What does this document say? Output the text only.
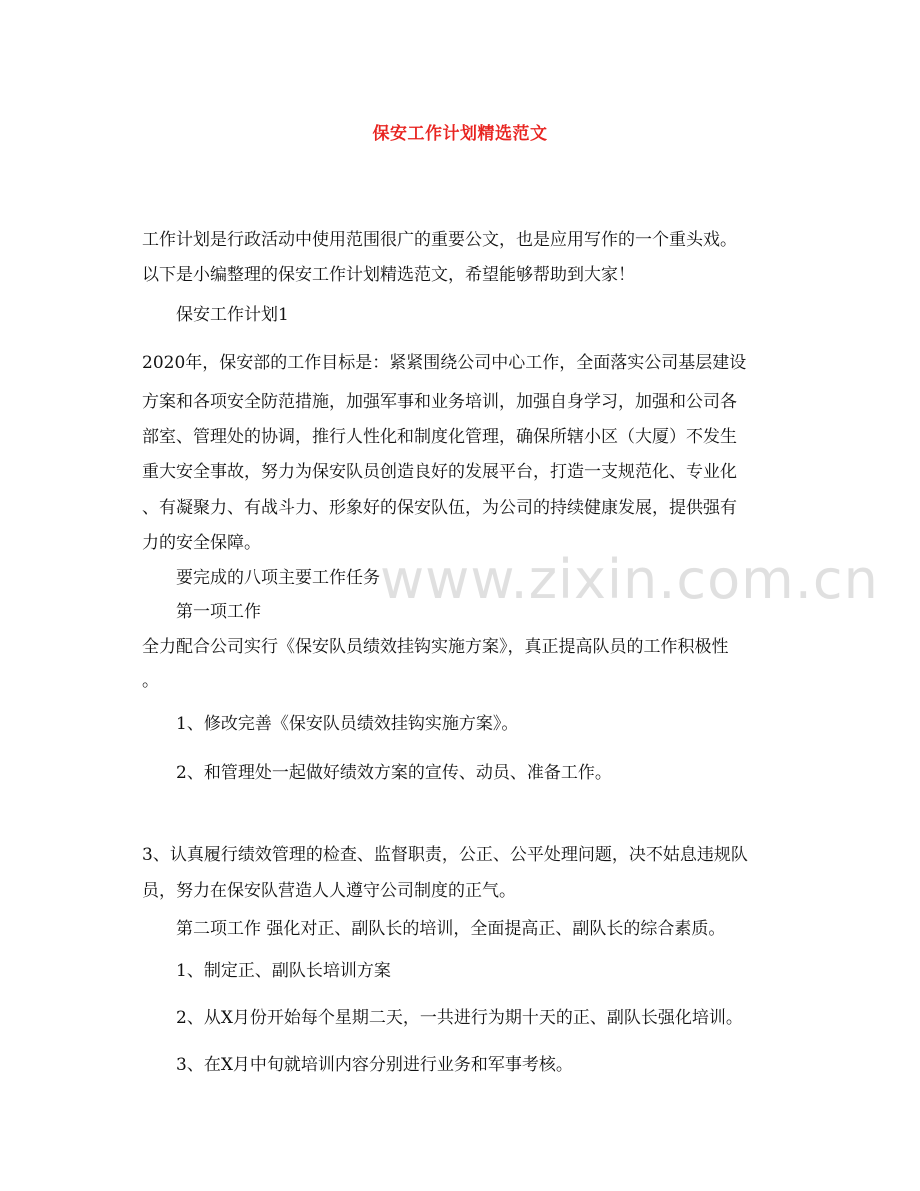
保安工作计划精选范文
www.zixin.com.cn
工作计划是行政活动中使用范围很广的重要公文，也是应用写作的一个重头戏。
以下是小编整理的保安工作计划精选范文，希望能够帮助到大家！
保安工作计划1
2020年，保安部的工作目标是：紧紧围绕公司中心工作，全面落实公司基层建设
方案和各项安全防范措施，加强军事和业务培训，加强自身学习，加强和公司各
部室、管理处的协调，推行人性化和制度化管理，确保所辖小区（大厦）不发生
重大安全事故，努力为保安队员创造良好的发展平台，打造一支规范化、专业化
、有凝聚力、有战斗力、形象好的保安队伍，为公司的持续健康发展，提供强有
力的安全保障。
要完成的八项主要工作任务
第一项工作
全力配合公司实行《保安队员绩效挂钩实施方案》，真正提高队员的工作积极性
。
1、修改完善《保安队员绩效挂钩实施方案》。
2、和管理处一起做好绩效方案的宣传、动员、准备工作。
3、认真履行绩效管理的检查、监督职责，公正、公平处理问题，决不姑息违规队
员，努力在保安队营造人人遵守公司制度的正气。
第二项工作 强化对正、副队长的培训，全面提高正、副队长的综合素质。
1、制定正、副队长培训方案
2、从X月份开始每个星期二天，一共进行为期十天的正、副队长强化培训。
3、在X月中旬就培训内容分别进行业务和军事考核。
